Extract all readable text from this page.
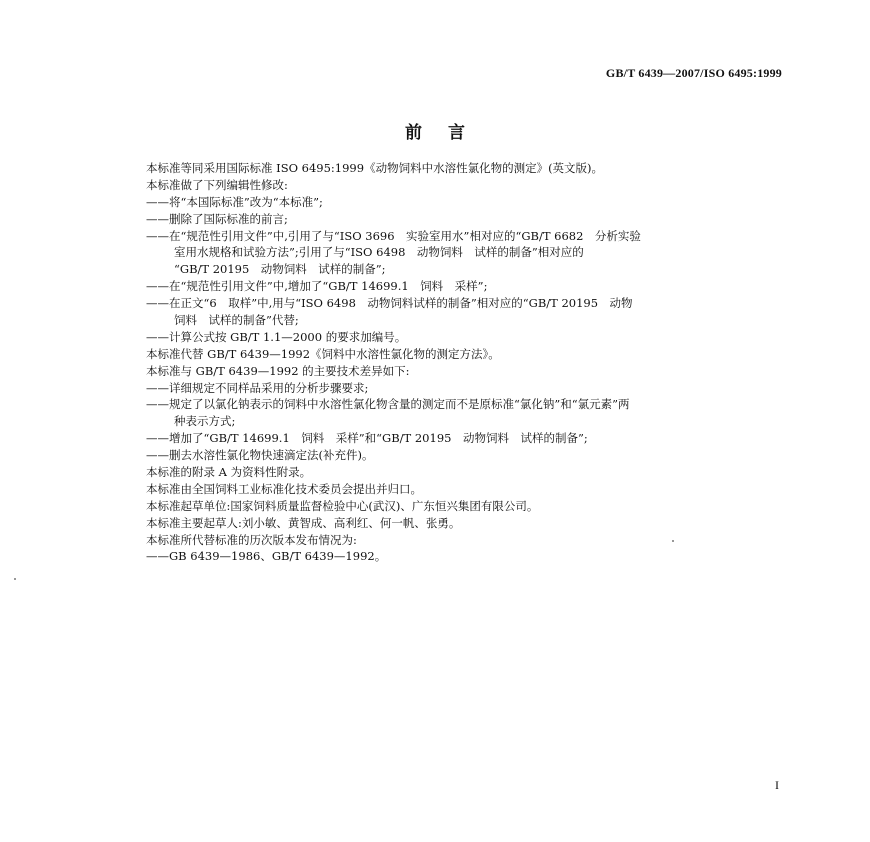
GB/T 6439—2007/ISO 6495:1999
前言
本标准等同采用国际标准 ISO 6495:1999《动物饲料中水溶性氯化物的测定》(英文版)。
本标准做了下列编辑性修改:
——将“本国际标准”改为“本标准”;
——删除了国际标准的前言;
——在“规范性引用文件”中,引用了与“ISO 3696　实验室用水”相对应的“GB/T 6682　分析实验
室用水规格和试验方法”;引用了与“ISO 6498　动物饲料　试样的制备”相对应的
“GB/T 20195　动物饲料　试样的制备”;
——在“规范性引用文件”中,增加了“GB/T 14699.1　饲料　采样”;
——在正文“6　取样”中,用与“ISO 6498　动物饲料试样的制备”相对应的“GB/T 20195　动物
饲料　试样的制备”代替;
——计算公式按 GB/T 1.1—2000 的要求加编号。
本标准代替 GB/T 6439—1992《饲料中水溶性氯化物的测定方法》。
本标准与 GB/T 6439—1992 的主要技术差异如下:
——详细规定不同样品采用的分析步骤要求;
——规定了以氯化钠表示的饲料中水溶性氯化物含量的测定而不是原标准“氯化钠”和“氯元素”两
种表示方式;
——增加了“GB/T 14699.1　饲料　采样”和“GB/T 20195　动物饲料　试样的制备”;
——删去水溶性氯化物快速滴定法(补充件)。
本标准的附录 A 为资料性附录。
本标准由全国饲料工业标准化技术委员会提出并归口。
本标准起草单位:国家饲料质量监督检验中心(武汉)、广东恒兴集团有限公司。
本标准主要起草人:刘小敏、黄智成、高利红、何一帆、张勇。
本标准所代替标准的历次版本发布情况为:
——GB 6439—1986、GB/T 6439—1992。
I
